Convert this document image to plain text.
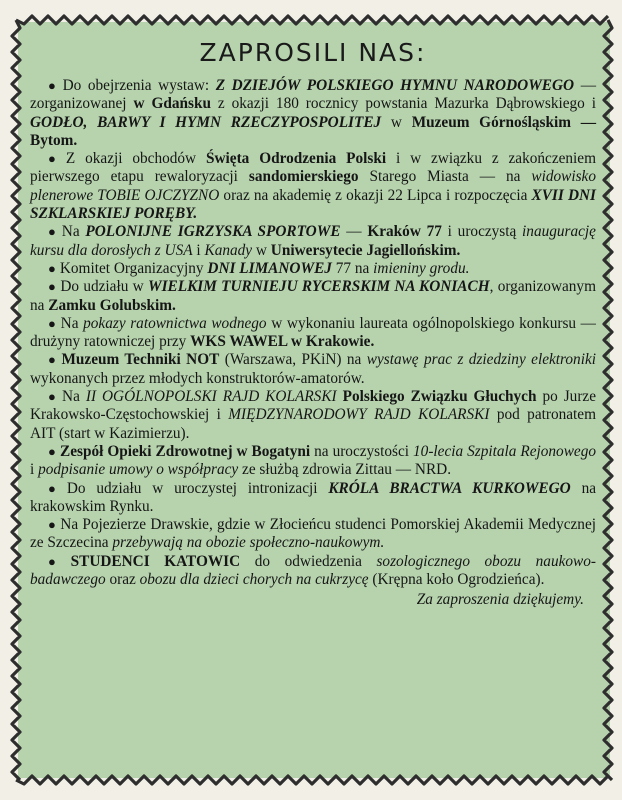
ZAPROSILI NAS:

● Do obejrzenia wystaw: Z DZIEJÓW POLSKIEGO HYMNU NARODOWEGO — zorganizowanej w Gdańsku z okazji 180 rocznicy powstania Mazurka Dąbrowskiego i GODŁO, BARWY I HYMN RZECZYPOSPOLITEJ w Muzeum Górnośląskim — Bytom.

● Z okazji obchodów Święta Odrodzenia Polski i w związku z zakończeniem pierwszego etapu rewaloryzacji sandomierskiego Starego Miasta — na widowisko plenerowe TOBIE OJCZYZNO oraz na akademię z okazji 22 Lipca i rozpoczęcia XVII DNI SZKLARSKIEJ PORĘBY.

● Na POLONIJNE IGRZYSKA SPORTOWE — Kraków 77 i uroczystą inaugurację kursu dla dorosłych z USA i Kanady w Uniwersytecie Jagiellońskim.

● Komitet Organizacyjny DNI LIMANOWEJ 77 na imieniny grodu.

● Do udziału w WIELKIM TURNIEJU RYCERSKIM NA KONIACH, organizowanym na Zamku Golubskim.

● Na pokazy ratownictwa wodnego w wykonaniu laureata ogólnopolskiego konkursu — drużyny ratowniczej przy WKS WAWEL w Krakowie.

● Muzeum Techniki NOT (Warszawa, PKiN) na wystawę prac z dziedziny elektroniki wykonanych przez młodych konstruktorów-amatorów.

● Na II OGÓLNOPOLSKI RAJD KOLARSKI Polskiego Związku Głuchych po Jurze Krakowsko-Częstochowskiej i MIĘDZYNARODOWY RAJD KOLARSKI pod patronatem AIT (start w Kazimierzu).

● Zespół Opieki Zdrowotnej w Bogatyni na uroczystości 10-lecia Szpitala Rejonowego i podpisanie umowy o współpracy ze służbą zdrowia Zittau — NRD.

● Do udziału w uroczystej intronizacji KRÓLA BRACTWA KURKOWEGO na krakowskim Rynku.

● Na Pojezierze Drawskie, gdzie w Złocieńcu studenci Pomorskiej Akademii Medycznej ze Szczecina przebywają na obozie społeczno-naukowym.

● STUDENCI KATOWIC do odwiedzenia sozologicznego obozu naukowo-badawczego oraz obozu dla dzieci chorych na cukrzycę (Krępna koło Ogrodzieńca).

Za zaproszenia dziękujemy.
